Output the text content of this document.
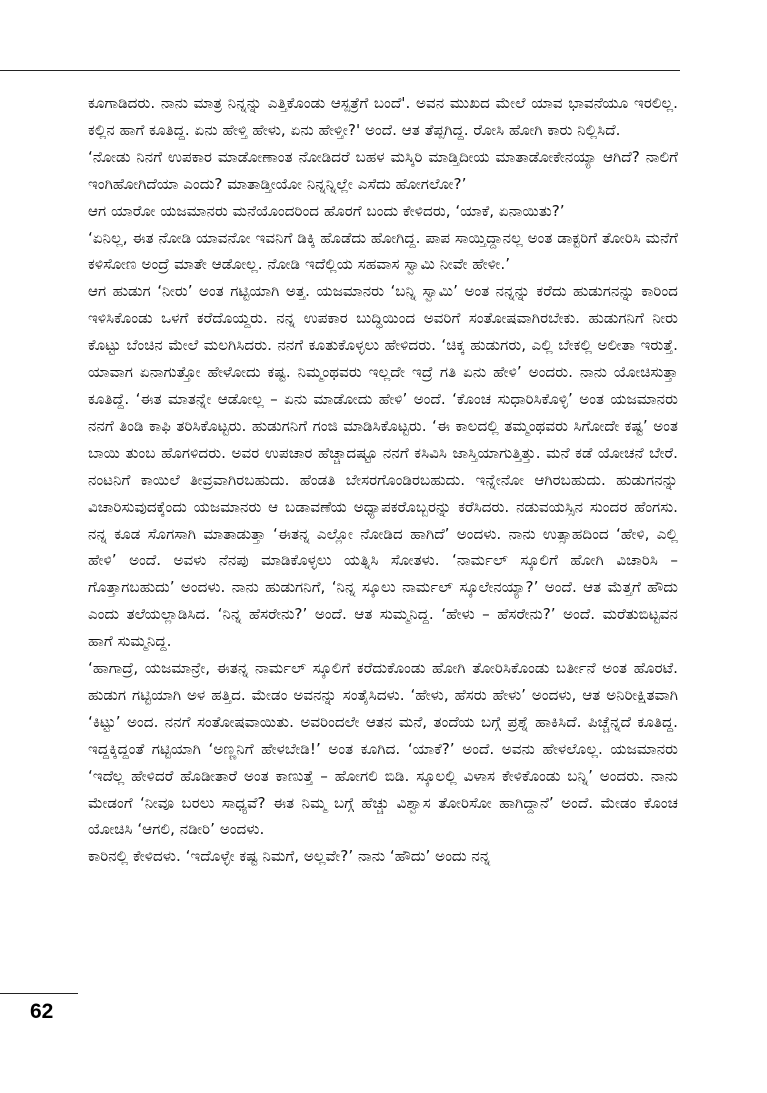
ಕೂಗಾಡಿದರು. ನಾನು ಮಾತ್ರ ನಿನ್ನನ್ನು ಎತ್ತಿಕೊಂಡು ಆಸ್ಪತ್ರೆಗೆ ಬಂದೆ'. ಅವನ ಮುಖದ ಮೇಲೆ ಯಾವ ಭಾವನೆಯೂ ಇರಲಿಲ್ಲ. ಕಲ್ಲಿನ ಹಾಗೆ ಕೂತಿದ್ದ. ಏನು ಹೇಳ್ತಿ ಹೇಳು, ಏನು ಹೇಳ್ತೀ?' ಅಂದೆ. ಆತ ತೆಪ್ಪಗಿದ್ದ. ರೋಸಿ ಹೋಗಿ ಕಾರು ನಿಲ್ಲಿಸಿದೆ.

‘ನೋಡು ನಿನಗೆ ಉಪಕಾರ ಮಾಡೋಣಾಂತ ನೋಡಿದರೆ ಬಹಳ ಮಸ್ಕಿರಿ ಮಾಡ್ತಿದೀಯ ಮಾತಾಡೋಕೇನಯ್ಯಾ ಆಗಿದೆ? ನಾಲಿಗೆ ಇಂಗಿಹೋಗಿದೆಯಾ ಎಂದು? ಮಾತಾಡ್ತೀಯೋ ನಿನ್ನನ್ನಿಲ್ಲೇ ಎಸೆದು ಹೋಗಲೋ?’

ಆಗ ಯಾರೋ ಯಜಮಾನರು ಮನೆಯೊಂದರಿಂದ ಹೊರಗೆ ಬಂದು ಕೇಳಿದರು, ‘ಯಾಕೆ, ಏನಾಯಿತು?’

‘ಏನಿಲ್ಲ, ಈತ ನೋಡಿ ಯಾವನೋ ಇವನಿಗೆ ಡಿಕ್ಕಿ ಹೊಡೆದು ಹೋಗಿದ್ದ. ಪಾಪ ಸಾಯ್ತಿದ್ದಾನಲ್ಲ ಅಂತ ಡಾಕ್ಟರಿಗೆ ತೋರಿಸಿ ಮನೆಗೆ ಕಳಿಸೋಣ ಅಂದ್ರೆ ಮಾತೇ ಆಡೋಲ್ಲ. ನೋಡಿ ಇದೆಲ್ಲಿಯ ಸಹವಾಸ ಸ್ವಾಮಿ ನೀವೇ ಹೇಳೀ.’

ಆಗ ಹುಡುಗ ‘ನೀರು’ ಅಂತ ಗಟ್ಟಿಯಾಗಿ ಅತ್ತ. ಯಜಮಾನರು ‘ಬನ್ನಿ ಸ್ವಾಮಿ’ ಅಂತ ನನ್ನನ್ನು ಕರೆದು ಹುಡುಗನನ್ನು ಕಾರಿಂದ ಇಳಿಸಿಕೊಂಡು ಒಳಗೆ ಕರೆದೊಯ್ದರು. ನನ್ನ ಉಪಕಾರ ಬುದ್ಧಿಯಿಂದ ಅವರಿಗೆ ಸಂತೋಷವಾಗಿರಬೇಕು. ಹುಡುಗನಿಗೆ ನೀರು ಕೊಟ್ಟು ಬೆಂಚಿನ ಮೇಲೆ ಮಲಗಿಸಿದರು. ನನಗೆ ಕೂತುಕೊಳ್ಳಲು ಹೇಳಿದರು. ‘ಚಿಕ್ಕ ಹುಡುಗರು, ಎಲ್ಲಿ ಬೇಕಲ್ಲಿ ಅಲೀತಾ ಇರುತ್ತೆ. ಯಾವಾಗ ಏನಾಗುತ್ತೋ ಹೇಳೋದು ಕಷ್ಟ. ನಿಮ್ಮಂಥವರು ಇಲ್ಲದೇ ಇದ್ರೆ ಗತಿ ಏನು ಹೇಳಿ’ ಅಂದರು. ನಾನು ಯೋಚಿಸುತ್ತಾ ಕೂತಿದ್ದೆ. ‘ಈತ ಮಾತನ್ನೇ ಆಡೋಲ್ಲ – ಏನು ಮಾಡೋದು ಹೇಳಿ’ ಅಂದೆ. ‘ಕೊಂಚ ಸುಧಾರಿಸಿಕೊಳ್ಳಿ’ ಅಂತ ಯಜಮಾನರು ನನಗೆ ತಿಂಡಿ ಕಾಫಿ ತರಿಸಿಕೊಟ್ಟರು. ಹುಡುಗನಿಗೆ ಗಂಜಿ ಮಾಡಿಸಿಕೊಟ್ಟರು. ‘ಈ ಕಾಲದಲ್ಲಿ ತಮ್ಮಂಥವರು ಸಿಗೋದೇ ಕಷ್ಟ’ ಅಂತ ಬಾಯಿ ತುಂಬ ಹೊಗಳಿದರು. ಅವರ ಉಪಚಾರ ಹೆಚ್ಚಾದಷ್ಟೂ ನನಗೆ ಕಸಿವಿಸಿ ಜಾಸ್ತಿಯಾಗುತ್ತಿತ್ತು. ಮನೆ ಕಡೆ ಯೋಚನೆ ಬೇರೆ. ನಂಟನಿಗೆ ಕಾಯಿಲೆ ತೀವ್ರವಾಗಿರಬಹುದು. ಹೆಂಡತಿ ಬೇಸರಗೊಂಡಿರಬಹುದು. ಇನ್ನೇನೋ ಆಗಿರಬಹುದು. ಹುಡುಗನನ್ನು ವಿಚಾರಿಸುವುದಕ್ಕೆಂದು ಯಜಮಾನರು ಆ ಬಡಾವಣೆಯ ಅಧ್ಯಾಪಕರೊಬ್ಬರನ್ನು ಕರೆಸಿದರು. ನಡುವಯಸ್ಸಿನ ಸುಂದರ ಹೆಂಗಸು. ನನ್ನ ಕೂಡ ಸೊಗಸಾಗಿ ಮಾತಾಡುತ್ತಾ ‘ಈತನ್ನ ಎಲ್ಲೋ ನೋಡಿದ ಹಾಗಿದೆ’ ಅಂದಳು. ನಾನು ಉತ್ಸಾಹದಿಂದ ‘ಹೇಳಿ, ಎಲ್ಲಿ ಹೇಳಿ’ ಅಂದೆ. ಅವಳು ನೆನಪು ಮಾಡಿಕೊಳ್ಳಲು ಯತ್ನಿಸಿ ಸೋತಳು. ‘ನಾರ್ಮಲ್ ಸ್ಕೂಲಿಗೆ ಹೋಗಿ ವಿಚಾರಿಸಿ – ಗೊತ್ತಾಗಬಹುದು’ ಅಂದಳು. ನಾನು ಹುಡುಗನಿಗೆ, ‘ನಿನ್ನ ಸ್ಕೂಲು ನಾರ್ಮಲ್ ಸ್ಕೂಲೇನಯ್ಯಾ?’ ಅಂದೆ. ಆತ ಮೆತ್ತಗೆ ಹೌದು ಎಂದು ತಲೆಯಲ್ಲಾಡಿಸಿದ. ‘ನಿನ್ನ ಹೆಸರೇನು?’ ಅಂದೆ. ಆತ ಸುಮ್ಮನಿದ್ದ. ‘ಹೇಳು – ಹೆಸರೇನು?’ ಅಂದೆ. ಮರೆತುಬಿಟ್ಟವನ ಹಾಗೆ ಸುಮ್ಮನಿದ್ದ.

‘ಹಾಗಾದ್ರೆ, ಯಜಮಾನ್ರೇ, ಈತನ್ನ ನಾರ್ಮಲ್ ಸ್ಕೂಲಿಗೆ ಕರೆದುಕೊಂಡು ಹೋಗಿ ತೋರಿಸಿಕೊಂಡು ಬರ್ತೀನೆ ಅಂತ ಹೊರಟೆ. ಹುಡುಗ ಗಟ್ಟಿಯಾಗಿ ಅಳ ಹತ್ತಿದ. ಮೇಡಂ ಅವನನ್ನು ಸಂತೈಸಿದಳು. ‘ಹೇಳು, ಹೆಸರು ಹೇಳು’ ಅಂದಳು, ಆತ ಅನಿರೀಕ್ಷಿತವಾಗಿ ‘ಕಿಟ್ಟು’ ಅಂದ. ನನಗೆ ಸಂತೋಷವಾಯಿತು. ಅವರಿಂದಲೇ ಆತನ ಮನೆ, ತಂದೆಯ ಬಗ್ಗೆ ಪ್ರಶ್ನೆ ಹಾಕಿಸಿದೆ. ಪಿಚ್ಚೆನ್ನದೆ ಕೂತಿದ್ದ. ಇದ್ದಕ್ಕಿದ್ದಂತೆ ಗಟ್ಟಿಯಾಗಿ ‘ಅಣ್ಣನಿಗೆ ಹೇಳಬೇಡಿ!’ ಅಂತ ಕೂಗಿದ. ‘ಯಾಕೆ?’ ಅಂದೆ. ಅವನು ಹೇಳಲೊಲ್ಲ. ಯಜಮಾನರು ‘ಇದೆಲ್ಲ ಹೇಳಿದರೆ ಹೊಡೀತಾರೆ ಅಂತ ಕಾಣುತ್ತೆ – ಹೋಗಲಿ ಬಿಡಿ. ಸ್ಕೂಲಲ್ಲಿ ವಿಳಾಸ ಕೇಳಿಕೊಂಡು ಬನ್ನಿ’ ಅಂದರು. ನಾನು ಮೇಡಂಗೆ ‘ನೀವೂ ಬರಲು ಸಾಧ್ಯವೆ? ಈತ ನಿಮ್ಮ ಬಗ್ಗೆ ಹೆಚ್ಚು ವಿಶ್ವಾಸ ತೋರಿಸೋ ಹಾಗಿದ್ದಾನೆ’ ಅಂದೆ. ಮೇಡಂ ಕೊಂಚ ಯೋಚಿಸಿ ‘ಆಗಲಿ, ನಡೀರಿ’ ಅಂದಳು.

ಕಾರಿನಲ್ಲಿ ಕೇಳಿದಳು. ‘ಇದೊಳ್ಳೇ ಕಷ್ಟ ನಿಮಗೆ, ಅಲ್ಲವೇ?’ ನಾನು ‘ಹೌದು’ ಅಂದು ನನ್ನ

62
